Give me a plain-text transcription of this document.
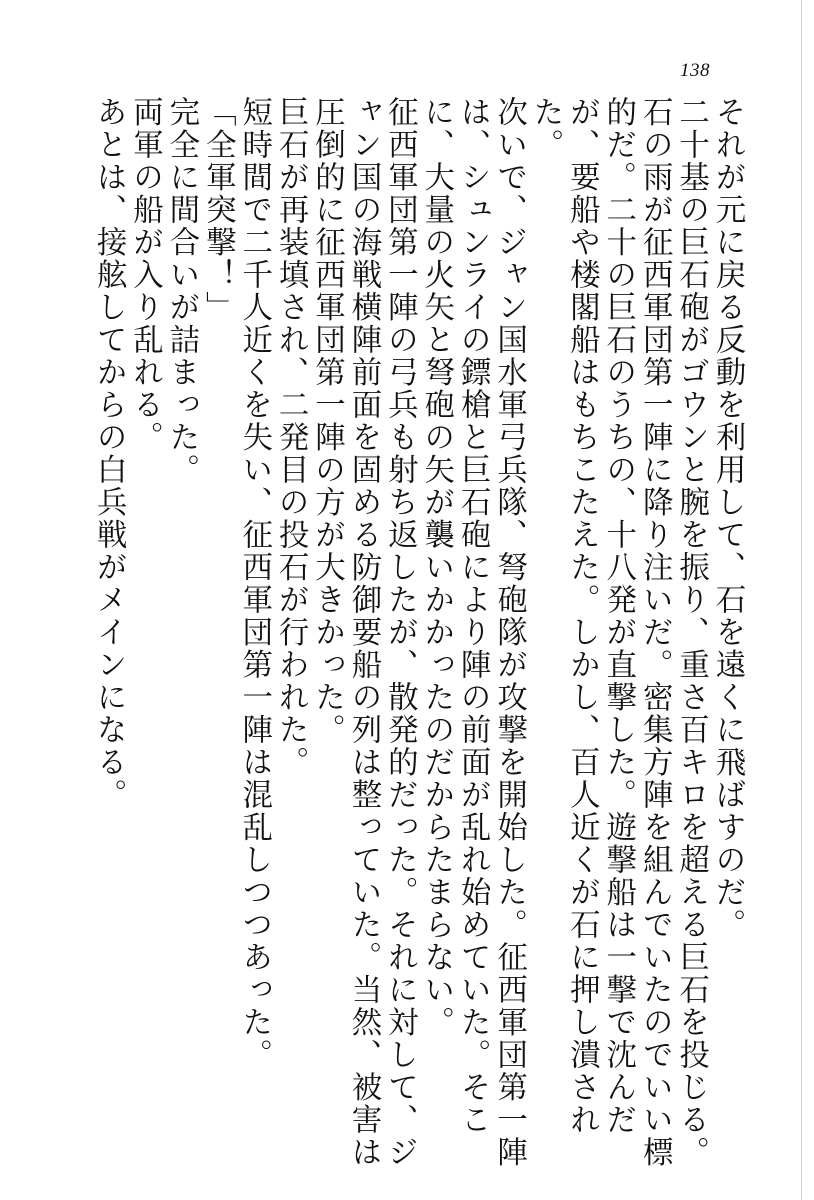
138

それが元に戻る反動を利用して、石を遠くに飛ばすのだ。

二十基の巨石砲がゴウンと腕を振り、重さ百キロを超える巨石を投じる。

石の雨が征西軍団第一陣に降り注いだ。密集方陣を組んでいたのでいい標的だ。二十の巨石のうちの、十八発が直撃した。遊撃船は一撃で沈んだが、要船や楼閣船はもちこたえた。しかし、百人近くが石に押し潰された。

次いで、ジャン国水軍弓兵隊、弩砲隊が攻撃を開始した。征西軍団第一陣は、シュンライの鏢槍と巨石砲により陣の前面が乱れ始めていた。そこに、大量の火矢と弩砲の矢が襲いかかったのだからたまらない。

征西軍団第一陣の弓兵も射ち返したが、散発的だった。それに対して、ジャン国の海戦横陣前面を固める防御要船の列は整っていた。当然、被害は圧倒的に征西軍団第一陣の方が大きかった。

巨石が再装填され、二発目の投石が行われた。

短時間で二千人近くを失い、征西軍団第一陣は混乱しつつあった。

「全軍突撃！」

完全に間合いが詰まった。

両軍の船が入り乱れる。

あとは、接舷してからの白兵戦がメインになる。
